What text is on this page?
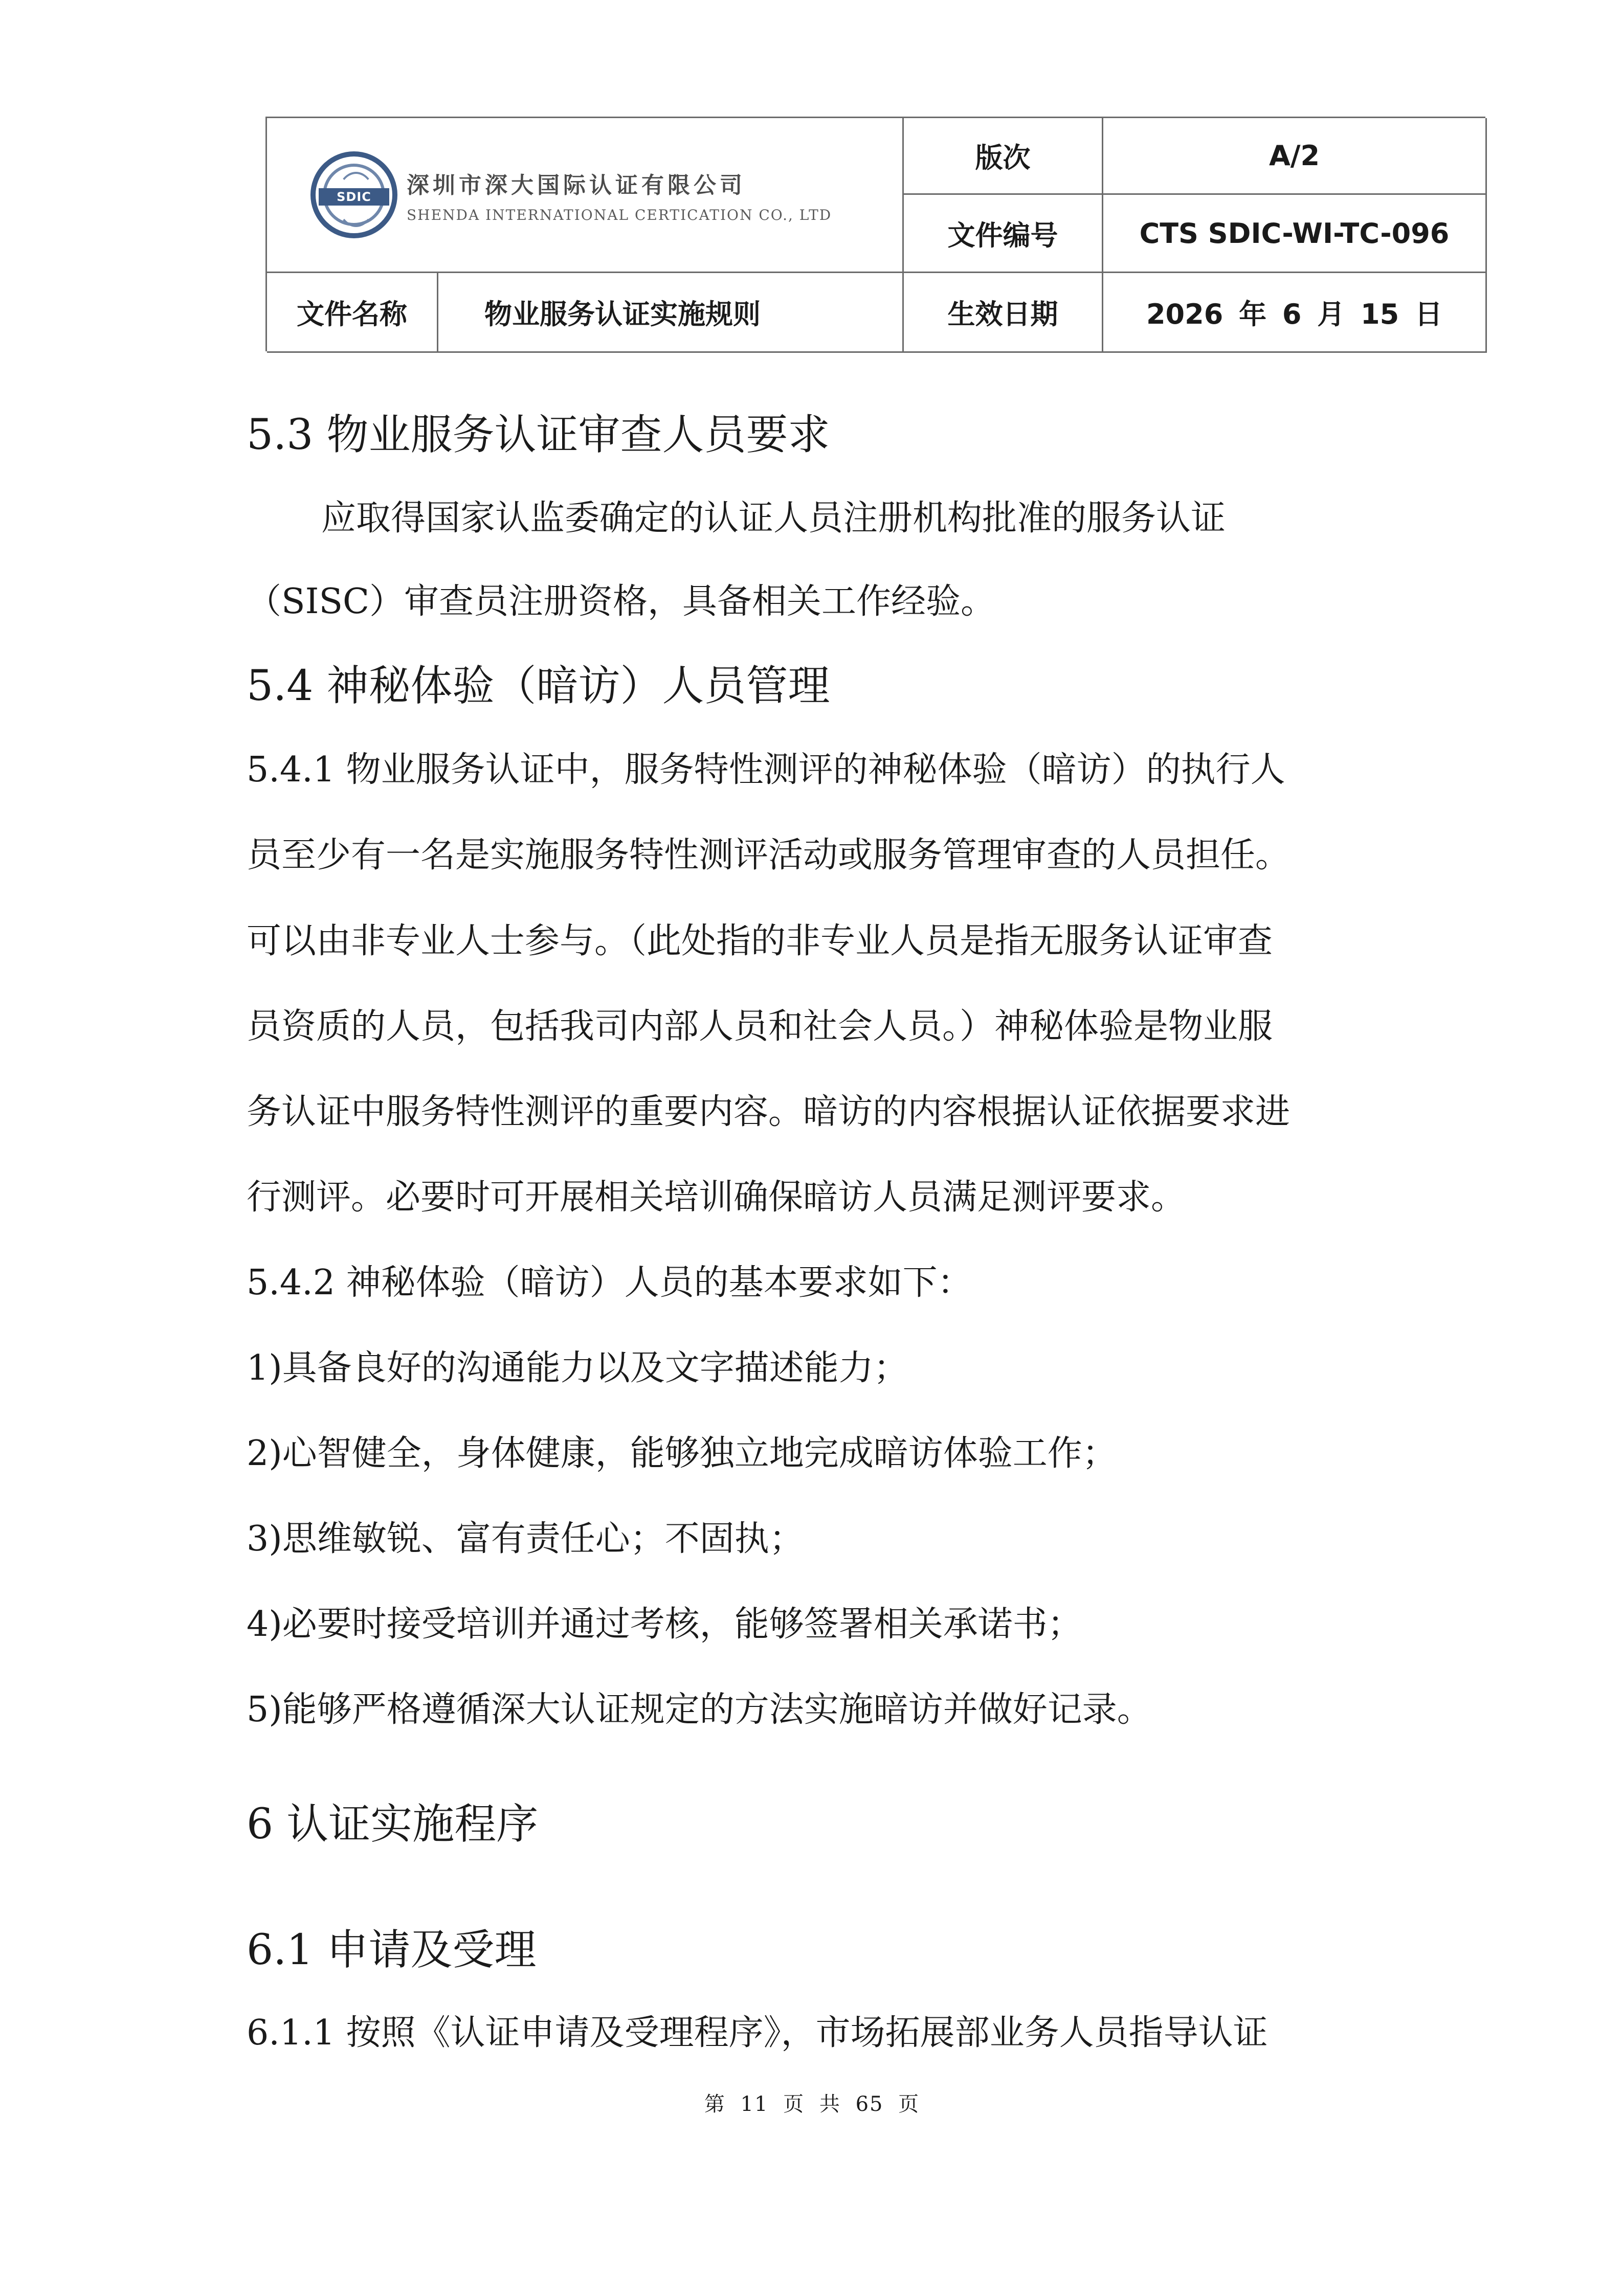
SDIC	深圳市深大国际认证有限公司
SHENDA INTERNATIONAL CERTICATION CO., LTD
版次	A/2
文件编号	CTS SDIC-WI-TC-096
文件名称	物业服务认证实施规则	生效日期	2026 年 6 月 15 日
5.3 物业服务认证审查人员要求
应取得国家认监委确定的认证人员注册机构批准的服务认证
（SISC）审查员注册资格，具备相关工作经验。
5.4 神秘体验（暗访）人员管理
5.4.1 物业服务认证中，服务特性测评的神秘体验（暗访）的执行人
员至少有一名是实施服务特性测评活动或服务管理审查的人员担任。
可以由非专业人士参与。（此处指的非专业人员是指无服务认证审查
员资质的人员，包括我司内部人员和社会人员。）神秘体验是物业服
务认证中服务特性测评的重要内容。暗访的内容根据认证依据要求进
行测评。必要时可开展相关培训确保暗访人员满足测评要求。
5.4.2 神秘体验（暗访）人员的基本要求如下：
1)具备良好的沟通能力以及文字描述能力；
2)心智健全，身体健康，能够独立地完成暗访体验工作；
3)思维敏锐、富有责任心；不固执；
4)必要时接受培训并通过考核，能够签署相关承诺书；
5)能够严格遵循深大认证规定的方法实施暗访并做好记录。
6 认证实施程序
6.1 申请及受理
6.1.1 按照《认证申请及受理程序》，市场拓展部业务人员指导认证
第 11 页 共 65 页
